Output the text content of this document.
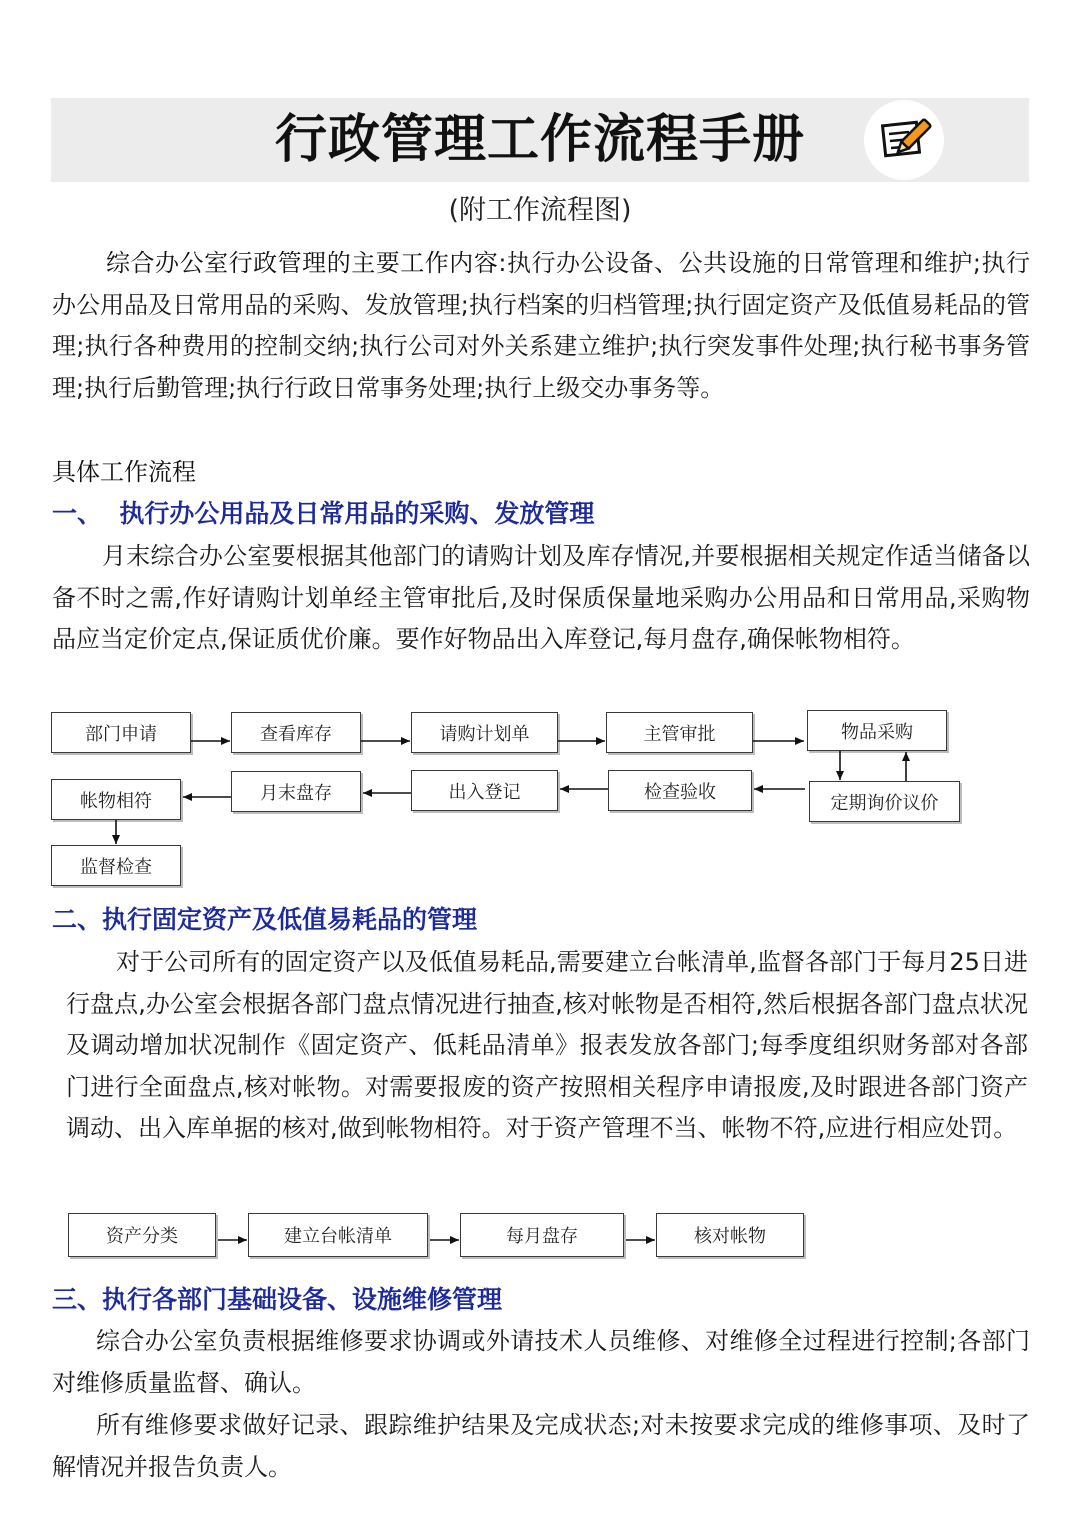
行政管理工作流程手册

(附工作流程图)

综合办公室行政管理的主要工作内容:执行办公设备、公共设施的日常管理和维护;执行办公用品及日常用品的采购、发放管理;执行档案的归档管理;执行固定资产及低值易耗品的管理;执行各种费用的控制交纳;执行公司对外关系建立维护;执行突发事件处理;执行秘书事务管理;执行后勤管理;执行行政日常事务处理;执行上级交办事务等。

具体工作流程

一、  执行办公用品及日常用品的采购、发放管理

月末综合办公室要根据其他部门的请购计划及库存情况,并要根据相关规定作适当储备以备不时之需,作好请购计划单经主管审批后,及时保质保量地采购办公用品和日常用品,采购物品应当定价定点,保证质优价廉。要作好物品出入库登记,每月盘存,确保帐物相符。

部门申请	查看库存	请购计划单	主管审批	物品采购
定期询价议价
检查验收
出入登记
月末盘存
帐物相符
监督检查

二、执行固定资产及低值易耗品的管理

对于公司所有的固定资产以及低值易耗品,需要建立台帐清单,监督各部门于每月25日进行盘点,办公室会根据各部门盘点情况进行抽查,核对帐物是否相符,然后根据各部门盘点状况及调动增加状况制作《固定资产、低耗品清单》报表发放各部门;每季度组织财务部对各部门进行全面盘点,核对帐物。对需要报废的资产按照相关程序申请报废,及时跟进各部门资产调动、出入库单据的核对,做到帐物相符。对于资产管理不当、帐物不符,应进行相应处罚。

资产分类	建立台帐清单	每月盘存	核对帐物

三、执行各部门基础设备、设施维修管理

综合办公室负责根据维修要求协调或外请技术人员维修、对维修全过程进行控制;各部门对维修质量监督、确认。

所有维修要求做好记录、跟踪维护结果及完成状态;对未按要求完成的维修事项、及时了解情况并报告负责人。
